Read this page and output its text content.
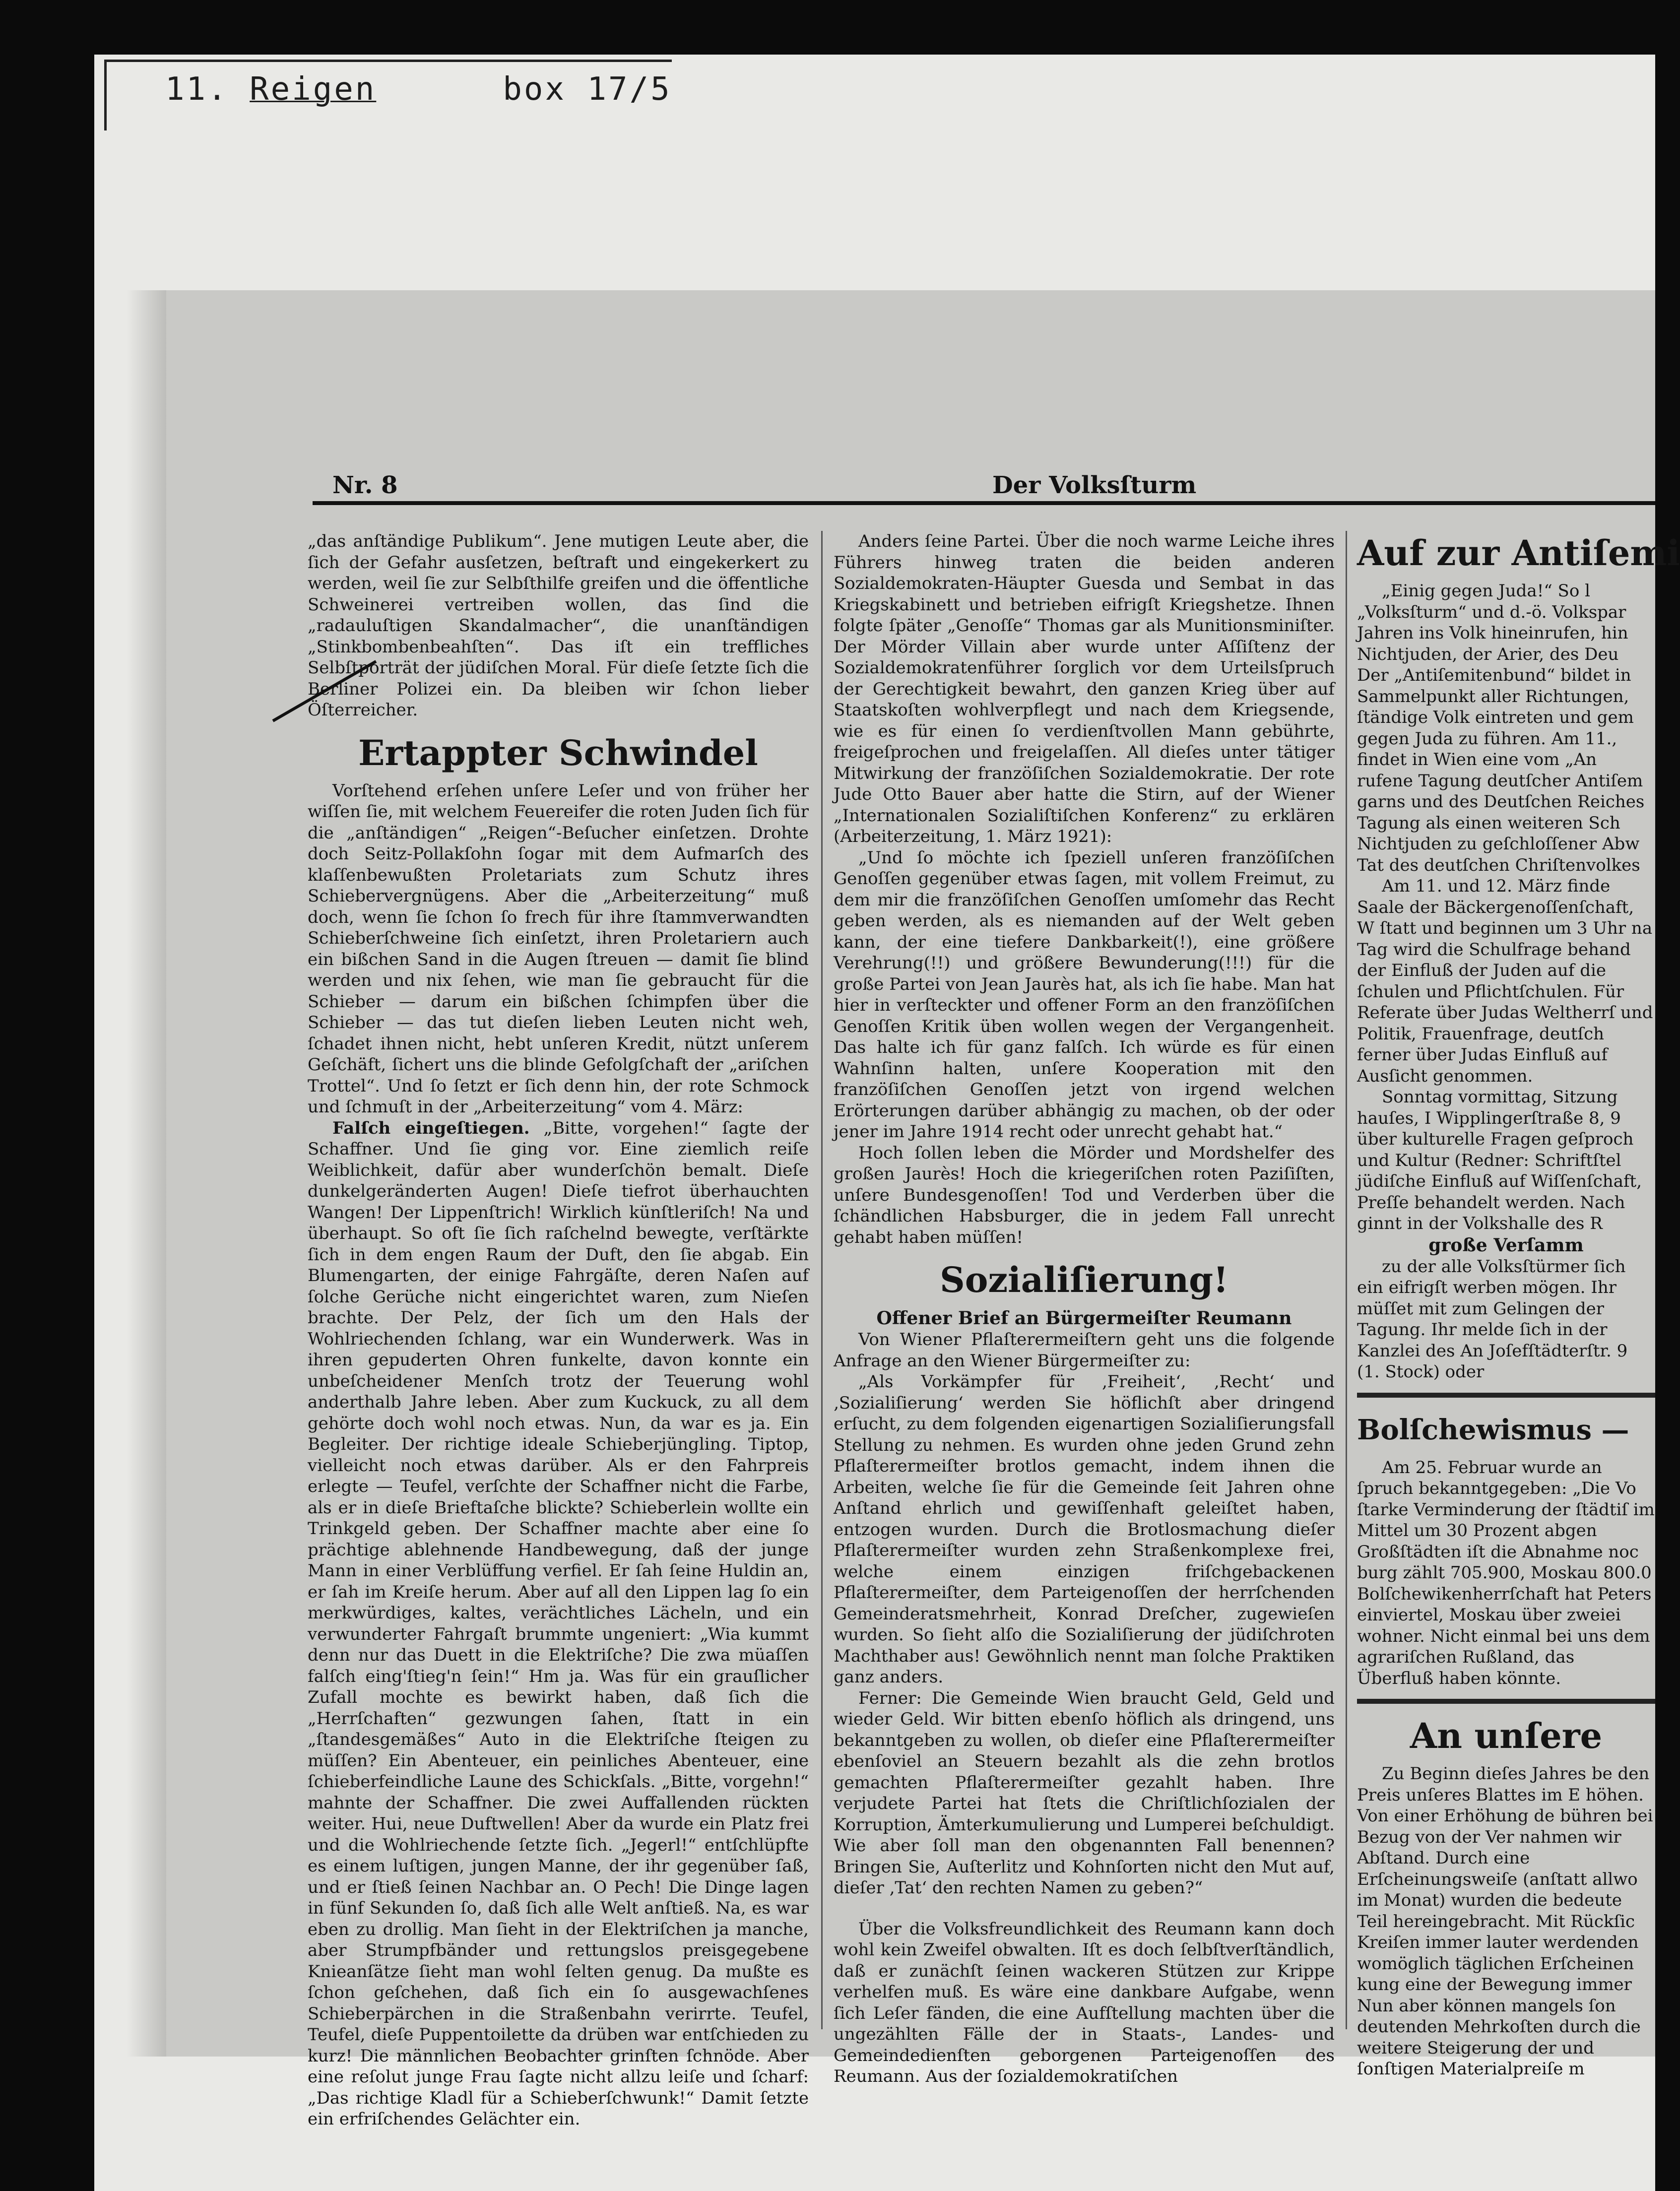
11. Reigen	box 17/5
Nr. 8	Der Volksſturm

„das anſtändige Publikum“. Jene mutigen Leute aber, die ſich der Gefahr ausſetzen, beſtraft und eingekerkert zu werden, weil ſie zur Selbſthilfe greifen und die öffentliche Schweinerei vertreiben wollen, das ſind die „radauluſtigen Skandalmacher“, die unanſtändigen „Stinkbombenbeahſten“. Das iſt ein treffliches Selbſtporträt der jüdiſchen Moral. Für dieſe ſetzte ſich die Berliner Polizei ein. Da bleiben wir ſchon lieber Öſterreicher.

Ertappter Schwindel

Vorſtehend erſehen unſere Leſer und von früher her wiſſen ſie, mit welchem Feuereifer die roten Juden ſich für die „anſtändigen“ „Reigen“-Beſucher einſetzen. Drohte doch Seitz-Pollakſohn ſogar mit dem Aufmarſch des klaſſenbewußten Proletariats zum Schutz ihres Schiebervergnügens. Aber die „Arbeiterzeitung“ muß doch, wenn ſie ſchon ſo frech für ihre ſtammverwandten Schieberſchweine ſich einſetzt, ihren Proletariern auch ein bißchen Sand in die Augen ſtreuen — damit ſie blind werden und nix ſehen, wie man ſie gebraucht für die Schieber — darum ein bißchen ſchimpfen über die Schieber — das tut dieſen lieben Leuten nicht weh, ſchadet ihnen nicht, hebt unſeren Kredit, nützt unſerem Geſchäft, ſichert uns die blinde Gefolgſchaft der „ariſchen Trottel“. Und ſo ſetzt er ſich denn hin, der rote Schmock und ſchmuſt in der „Arbeiterzeitung“ vom 4. März:

Falſch eingeſtiegen. „Bitte, vorgehen!“ ſagte der Schaffner. Und ſie ging vor. Eine ziemlich reiſe Weiblichkeit, dafür aber wunderſchön bemalt. Dieſe dunkelgeränderten Augen! Dieſe tiefrot überhauchten Wangen! Der Lippenſtrich! Wirklich künſtleriſch! Na und überhaupt. So oft ſie ſich raſchelnd bewegte, verſtärkte ſich in dem engen Raum der Duft, den ſie abgab. Ein Blumengarten, der einige Fahrgäſte, deren Naſen auf ſolche Gerüche nicht eingerichtet waren, zum Nieſen brachte. Der Pelz, der ſich um den Hals der Wohlriechenden ſchlang, war ein Wunderwerk. Was in ihren gepuderten Ohren funkelte, davon konnte ein unbeſcheidener Menſch trotz der Teuerung wohl anderthalb Jahre leben. Aber zum Kuckuck, zu all dem gehörte doch wohl noch etwas. Nun, da war es ja. Ein Begleiter. Der richtige ideale Schieberjüngling. Tiptop, vielleicht noch etwas darüber. Als er den Fahrpreis erlegte — Teufel, verſchte der Schaffner nicht die Farbe, als er in dieſe Brieftaſche blickte? Schieberlein wollte ein Trinkgeld geben. Der Schaffner machte aber eine ſo prächtige ablehnende Handbewegung, daß der junge Mann in einer Verblüffung verfiel. Er ſah ſeine Huldin an, er ſah im Kreiſe herum. Aber auf all den Lippen lag ſo ein merkwürdiges, kaltes, verächtliches Lächeln, und ein verwunderter Fahrgaſt brummte ungeniert: „Wia kummt denn nur das Duett in die Elektriſche? Die zwa müaſſen falſch eing'ſtieg'n ſein!“ Hm ja. Was für ein grauſlicher Zufall mochte es bewirkt haben, daß ſich die „Herrſchaften“ gezwungen ſahen, ſtatt in ein „ſtandesgemäßes“ Auto in die Elektriſche ſteigen zu müſſen? Ein Abenteuer, ein peinliches Abenteuer, eine ſchieberfeindliche Laune des Schickſals. „Bitte, vorgehn!“ mahnte der Schaffner. Die zwei Auffallenden rückten weiter. Hui, neue Duftwellen! Aber da wurde ein Platz frei und die Wohlriechende ſetzte ſich. „Jegerl!“ entſchlüpfte es einem luſtigen, jungen Manne, der ihr gegenüber ſaß, und er ſtieß ſeinen Nachbar an. O Pech! Die Dinge lagen in fünf Sekunden ſo, daß ſich alle Welt anſtieß. Na, es war eben zu drollig. Man ſieht in der Elektriſchen ja manche, aber Strumpfbänder und rettungslos preisgegebene Knieanſätze ſieht man wohl ſelten genug. Da mußte es ſchon geſchehen, daß ſich ein ſo ausgewachſenes Schieberpärchen in die Straßenbahn verirrte. Teufel, Teufel, dieſe Puppentoilette da drüben war entſchieden zu kurz! Die männlichen Beobachter grinſten ſchnöde. Aber eine reſolut junge Frau ſagte nicht allzu leiſe und ſcharf: „Das richtige Kladl für a Schieberſchwunk!“ Damit ſetzte ein erfriſchendes Gelächter ein.

Anders ſeine Partei. Über die noch warme Leiche ihres Führers hinweg traten die beiden anderen Sozialdemokraten-Häupter Guesda und Sembat in das Kriegskabinett und betrieben eifrigſt Kriegshetze. Ihnen folgte ſpäter „Genoſſe“ Thomas gar als Munitionsminiſter. Der Mörder Villain aber wurde unter Aſſiſtenz der Sozialdemokratenführer ſorglich vor dem Urteilsſpruch der Gerechtigkeit bewahrt, den ganzen Krieg über auf Staatskoſten wohlverpflegt und nach dem Kriegsende, wie es für einen ſo verdienſtvollen Mann gebührte, freigeſprochen und freigelaſſen. All dieſes unter tätiger Mitwirkung der franzöſiſchen Sozialdemokratie. Der rote Jude Otto Bauer aber hatte die Stirn, auf der Wiener „Internationalen Sozialiſtiſchen Konferenz“ zu erklären (Arbeiterzeitung, 1. März 1921):

„Und ſo möchte ich ſpeziell unſeren franzöſiſchen Genoſſen gegenüber etwas ſagen, mit vollem Freimut, zu dem mir die franzöſiſchen Genoſſen umſomehr das Recht geben werden, als es niemanden auf der Welt geben kann, der eine tiefere Dankbarkeit(!), eine größere Verehrung(!!) und größere Bewunderung(!!!) für die große Partei von Jean Jaurès hat, als ich ſie habe. Man hat hier in verſteckter und offener Form an den franzöſiſchen Genoſſen Kritik üben wollen wegen der Vergangenheit. Das halte ich für ganz falſch. Ich würde es für einen Wahnſinn halten, unſere Kooperation mit den franzöſiſchen Genoſſen jetzt von irgend welchen Erörterungen darüber abhängig zu machen, ob der oder jener im Jahre 1914 recht oder unrecht gehabt hat.“

Hoch ſollen leben die Mörder und Mordshelfer des großen Jaurès! Hoch die kriegeriſchen roten Paziſiſten, unſere Bundesgenoſſen! Tod und Verderben über die ſchändlichen Habsburger, die in jedem Fall unrecht gehabt haben müſſen!

Sozialiſierung!
Offener Brief an Bürgermeiſter Reumann

Von Wiener Pflaſterermeiſtern geht uns die folgende Anfrage an den Wiener Bürgermeiſter zu:

„Als Vorkämpfer für ‚Freiheit‘, ‚Recht‘ und ‚Sozialiſierung‘ werden Sie höflichſt aber dringend erſucht, zu dem folgenden eigenartigen Sozialiſierungsfall Stellung zu nehmen. Es wurden ohne jeden Grund zehn Pflaſterermeiſter brotlos gemacht, indem ihnen die Arbeiten, welche ſie für die Gemeinde ſeit Jahren ohne Anſtand ehrlich und gewiſſenhaft geleiſtet haben, entzogen wurden. Durch die Brotlosmachung dieſer Pflaſterermeiſter wurden zehn Straßenkomplexe frei, welche einem einzigen friſchgebackenen Pflaſterermeiſter, dem Parteigenoſſen der herrſchenden Gemeinderatsmehrheit, Konrad Dreſcher, zugewieſen wurden. So ſieht alſo die Sozialiſierung der jüdiſchroten Machthaber aus! Gewöhnlich nennt man ſolche Praktiken ganz anders.

Ferner: Die Gemeinde Wien braucht Geld, Geld und wieder Geld. Wir bitten ebenſo höflich als dringend, uns bekanntgeben zu wollen, ob dieſer eine Pflaſterermeiſter ebenſoviel an Steuern bezahlt als die zehn brotlos gemachten Pflaſterermeiſter gezahlt haben. Ihre verjudete Partei hat ſtets die Chriſtlichſozialen der Korruption, Ämterkumulierung und Lumperei beſchuldigt. Wie aber ſoll man den obgenannten Fall benennen? Bringen Sie, Auſterlitz und Kohnſorten nicht den Mut auf, dieſer ‚Tat‘ den rechten Namen zu geben?“

Über die Volksfreundlichkeit des Reumann kann doch wohl kein Zweifel obwalten. Iſt es doch ſelbſtverſtändlich, daß er zunächſt ſeinen wackeren Stützen zur Krippe verhelfen muß. Es wäre eine dankbare Aufgabe, wenn ſich Leſer fänden, die eine Aufſtellung machten über die ungezählten Fälle der in Staats-, Landes- und Gemeindedienſten geborgenen Parteigenoſſen des Reumann. Aus der ſozialdemokratiſchen

Auf zur Antiſemi

„Einig gegen Juda!“ So l „Volksſturm“ und d.-ö. Volkspar Jahren ins Volk hineinrufen, hin Nichtjuden, der Arier, des Deu Der „Antiſemitenbund“ bildet in Sammelpunkt aller Richtungen, ſtändige Volk eintreten und gem gegen Juda zu führen. Am 11., findet in Wien eine vom „An rufene Tagung deutſcher Antiſem garns und des Deutſchen Reiches Tagung als einen weiteren Sch Nichtjuden zu geſchloſſener Abw Tat des deutſchen Chriſtenvolkes

Am 11. und 12. März finde Saale der Bäckergenoſſenſchaft, W ſtatt und beginnen um 3 Uhr na Tag wird die Schulfrage behand der Einfluß der Juden auf die ſchulen und Pflichtſchulen. Für Referate über Judas Weltherrſ und Politik, Frauenfrage, deutſch ferner über Judas Einfluß auf Ausſicht genommen.

Sonntag vormittag, Sitzung hauſes, I Wipplingerſtraße 8, 9 über kulturelle Fragen geſproch und Kultur (Redner: Schriftſtel jüdiſche Einfluß auf Wiſſenſchaft, Preſſe behandelt werden. Nach ginnt in der Volkshalle des R

große Verſamm

zu der alle Volksſtürmer ſich ein eifrigſt werben mögen. Ihr müſſet mit zum Gelingen der Tagung. Ihr melde ſich in der Kanzlei des An Joſefſtädterſtr. 9 (1. Stock) oder

Bolſchewismus —

Am 25. Februar wurde an ſpruch bekanntgegeben: „Die Vo ſtarke Verminderung der ſtädtiſ im Mittel um 30 Prozent abgen Großſtädten iſt die Abnahme noc burg zählt 705.900, Moskau 800.0 Bolſchewikenherrſchaft hat Peters einviertel, Moskau über zweiei wohner. Nicht einmal bei uns dem agrariſchen Rußland, das Überfluß haben könnte.

An unſere

Zu Beginn dieſes Jahres be den Preis unſeres Blattes im E höhen. Von einer Erhöhung de bühren bei Bezug von der Ver nahmen wir Abſtand. Durch eine Erſcheinungsweiſe (anſtatt allwo im Monat) wurden die bedeute Teil hereingebracht. Mit Rückſic Kreiſen immer lauter werdenden womöglich täglichen Erſcheinen kung eine der Bewegung immer Nun aber können mangels ſon deutenden Mehrkoſten durch die weitere Steigerung der und ſonſtigen Materialpreiſe m
